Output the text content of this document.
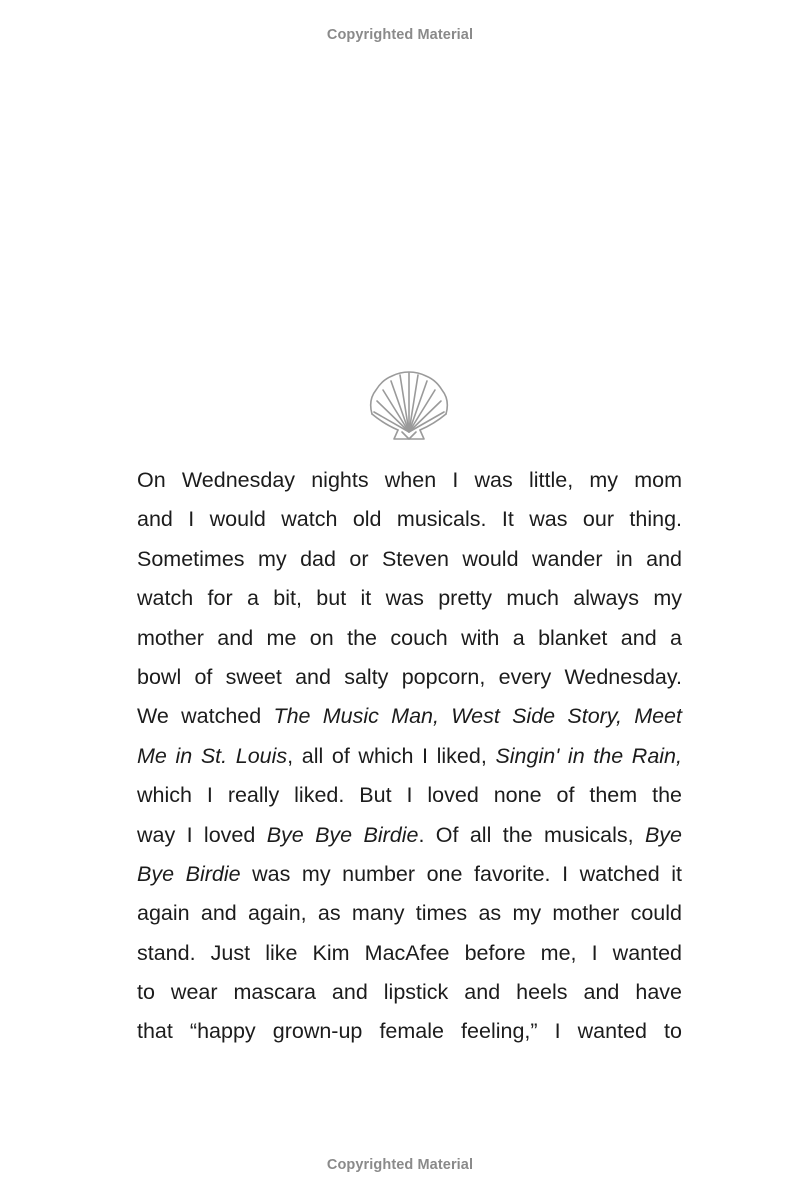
Copyrighted Material
On Wednesday nights when I was little, my mom
and I would watch old musicals. It was our thing.
Sometimes my dad or Steven would wander in and
watch for a bit, but it was pretty much always my
mother and me on the couch with a blanket and a
bowl of sweet and salty popcorn, every Wednesday.
We watched The Music Man, West Side Story, Meet
Me in St. Louis, all of which I liked, Singin' in the Rain,
which I really liked. But I loved none of them the
way I loved Bye Bye Birdie. Of all the musicals, Bye
Bye Birdie was my number one favorite. I watched it
again and again, as many times as my mother could
stand. Just like Kim MacAfee before me, I wanted
to wear mascara and lipstick and heels and have
that “happy grown-up female feeling,” I wanted to
Copyrighted Material
